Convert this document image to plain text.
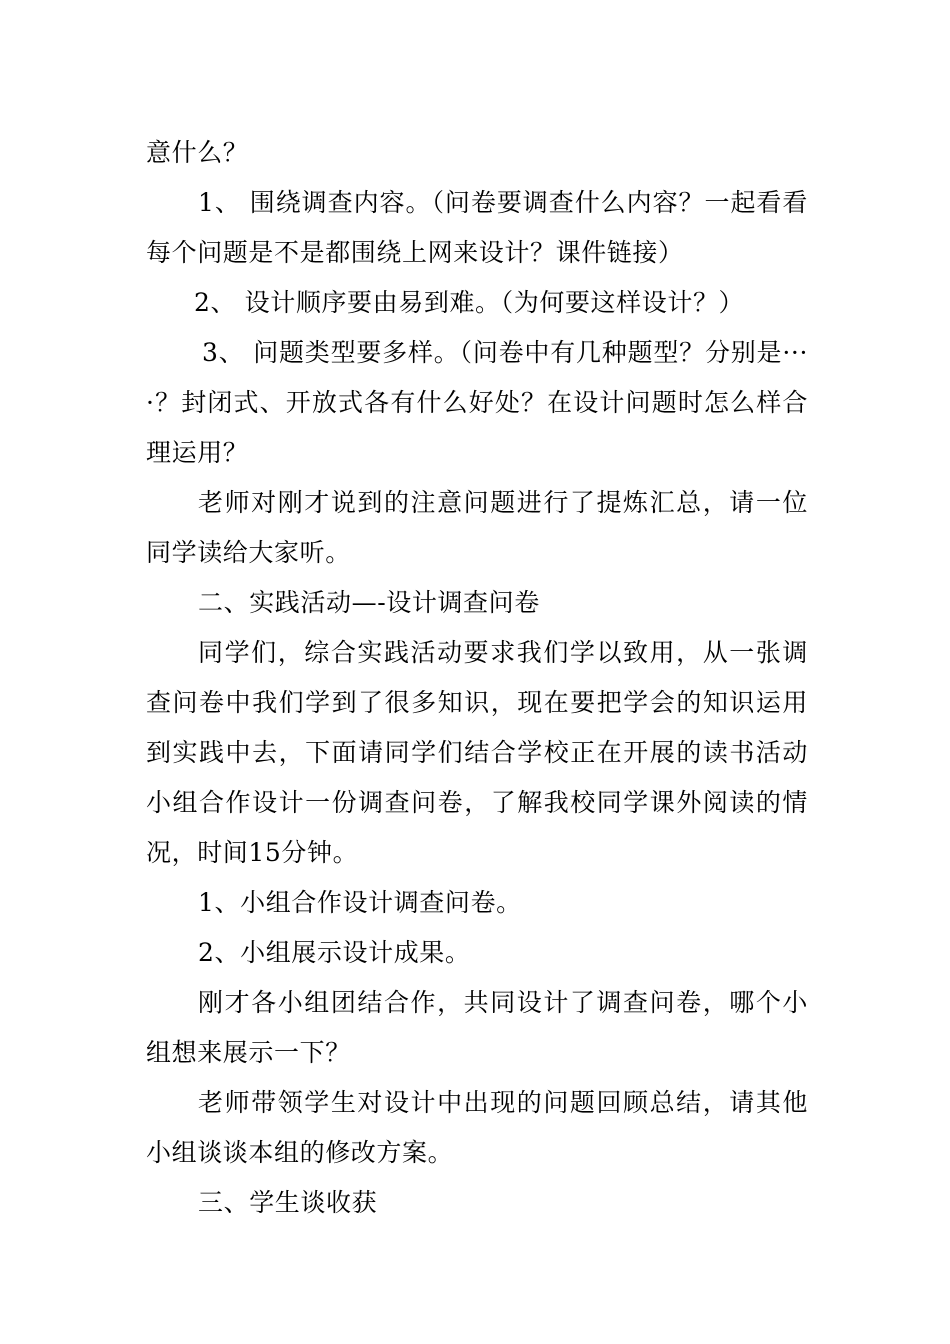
意什么？

1、 围绕调查内容。（问卷要调查什么内容？一起看看每个问题是不是都围绕上网来设计？课件链接）

2、 设计顺序要由易到难。（为何要这样设计？）

3、 问题类型要多样。（问卷中有几种题型？分别是····？封闭式、开放式各有什么好处？在设计问题时怎么样合理运用？

老师对刚才说到的注意问题进行了提炼汇总，请一位同学读给大家听。

二、实践活动—-设计调查问卷

同学们，综合实践活动要求我们学以致用，从一张调查问卷中我们学到了很多知识，现在要把学会的知识运用到实践中去，下面请同学们结合学校正在开展的读书活动小组合作设计一份调查问卷，了解我校同学课外阅读的情况，时间15分钟。

1、小组合作设计调查问卷。

2、小组展示设计成果。

刚才各小组团结合作，共同设计了调查问卷，哪个小组想来展示一下？

老师带领学生对设计中出现的问题回顾总结，请其他小组谈谈本组的修改方案。

三、学生谈收获
